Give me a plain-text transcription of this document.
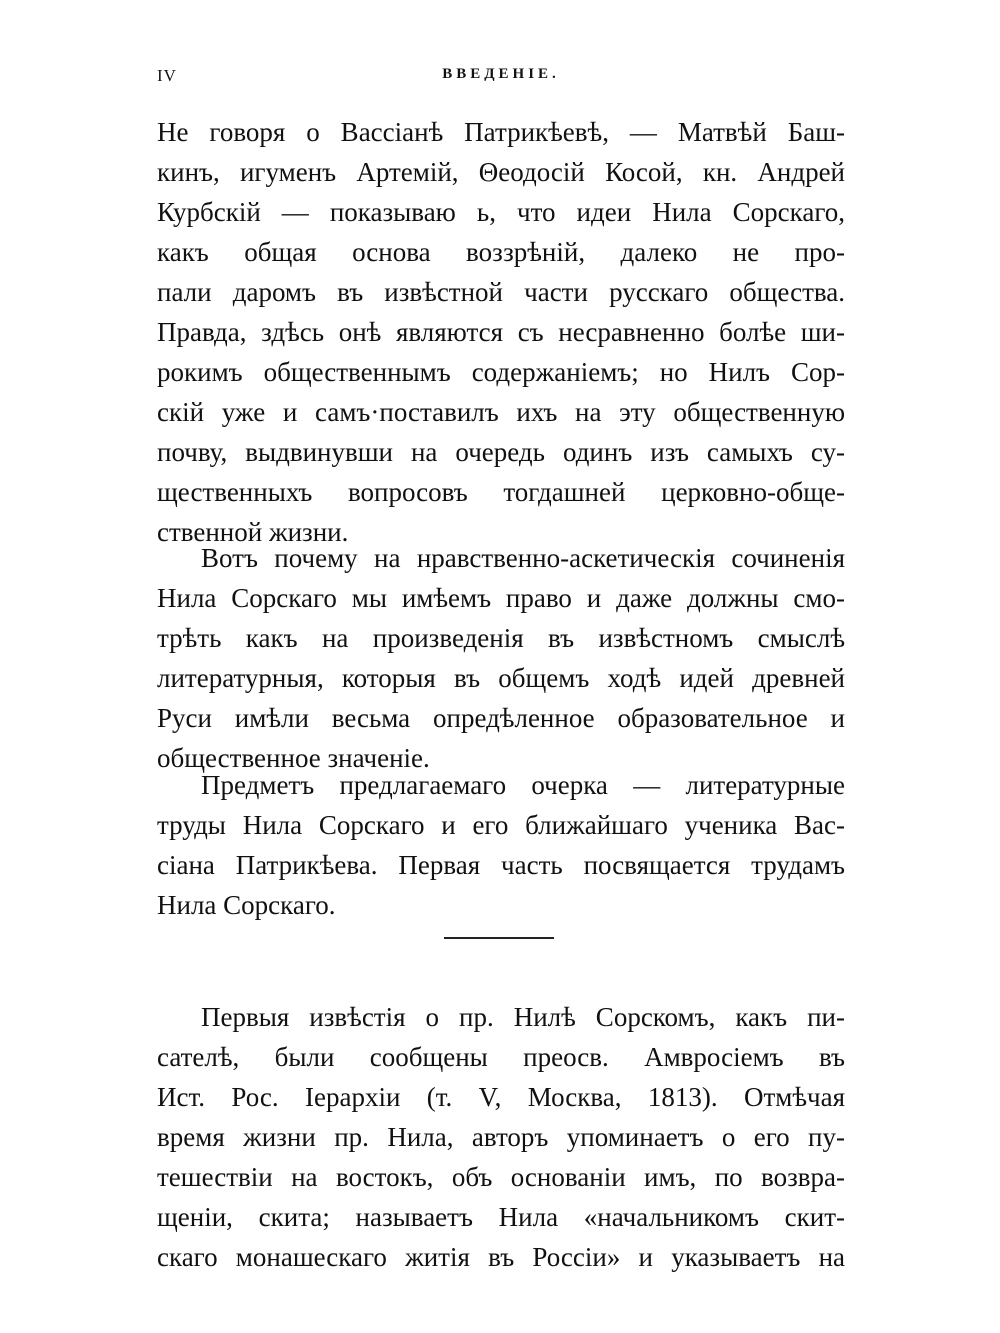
IV	ВВЕДЕНІЕ.
Не говоря о Вассіанѣ Патрикѣевѣ, — Матвѣй Баш-
кинъ, игуменъ Артемій, Θеодосій Косой, кн. Андрей
Курбскій — показываю ь, что идеи Нила Сорскаго,
какъ общая основа воззрѣній, далеко не про-
пали даромъ въ извѣстной части русскаго общества.
Правда, здѣсь онѣ являются съ несравненно болѣе ши-
рокимъ общественнымъ содержаніемъ; но Нилъ Сор-
скій уже и самъ·поставилъ ихъ на эту общественную
почву, выдвинувши на очередь одинъ изъ самыхъ су-
щественныхъ вопросовъ тогдашней церковно-обще-
ственной жизни.
Вотъ почему на нравственно-аскетическія сочиненія
Нила Сорскаго мы имѣемъ право и даже должны смо-
трѣть какъ на произведенія въ извѣстномъ смыслѣ
литературныя, которыя въ общемъ ходѣ идей древней
Руси имѣли весьма опредѣленное образовательное и
общественное значеніе.
Предметъ предлагаемаго очерка — литературные
труды Нила Сорскаго и его ближайшаго ученика Вас-
сіана Патрикѣева. Первая часть посвящается трудамъ
Нила Сорскаго.
Первыя извѣстія о пр. Нилѣ Сорскомъ, какъ пи-
сателѣ, были сообщены преосв. Амвросіемъ въ
Ист. Рос. Іерархіи (т. V, Москва, 1813). Отмѣчая
время жизни пр. Нила, авторъ упоминаетъ о его пу-
тешествіи на востокъ, объ основаніи имъ, по возвра-
щеніи, скита; называетъ Нила «начальникомъ скит-
скаго монашескаго житія въ Россіи» и указываетъ на
